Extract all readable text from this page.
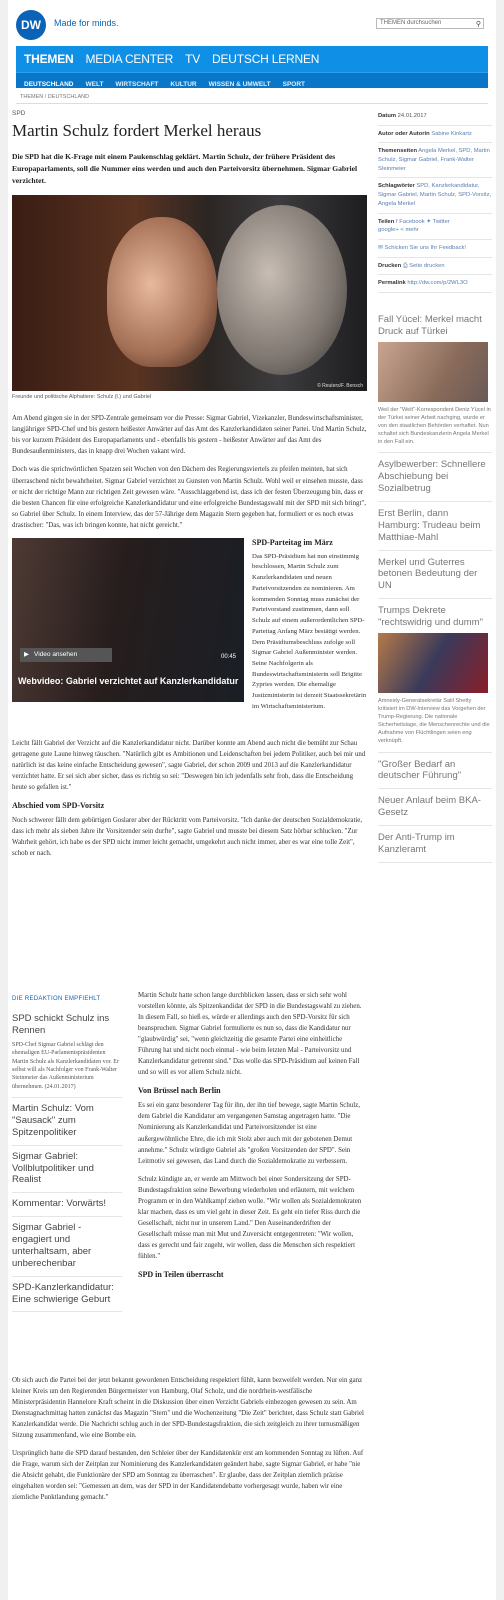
DW	Made for minds.	THEMEN durchsuchen	⚲
THEMEN MEDIA CENTER TV DEUTSCH LERNEN
DEUTSCHLAND WELT WIRTSCHAFT KULTUR WISSEN & UMWELT SPORT
THEMEN / DEUTSCHLAND
SPD
Martin Schulz fordert Merkel heraus
Die SPD hat die K-Frage mit einem Paukenschlag geklärt. Martin Schulz, der frühere Präsident des Europaparlaments, soll die Nummer eins werden und auch den Parteivorsitz übernehmen. Sigmar Gabriel verzichtet.
© Reuters/F. Bensch
Freunde und politische Alphatiere: Schulz (l.) und Gabriel

Am Abend gingen sie in der SPD-Zentrale gemeinsam vor die Presse: Sigmar Gabriel, Vizekanzler, Bundeswirtschaftsminister, langjähriger SPD-Chef und bis gestern heißester Anwärter auf das Amt des Kanzlerkandidaten seiner Partei. Und Martin Schulz, bis vor kurzem Präsident des Europaparlaments und - ebenfalls bis gestern - heißester Anwärter auf das Amt des Bundesaußenministers, das in knapp drei Wochen vakant wird.

Doch was die sprichwörtlichen Spatzen seit Wochen von den Dächern des Regierungsviertels zu pfeifen meinten, hat sich überraschend nicht bewahrheitet. Sigmar Gabriel verzichtet zu Gunsten von Martin Schulz. Wohl weil er einsehen musste, dass er nicht der richtige Mann zur richtigen Zeit gewesen wäre. "Ausschlaggebend ist, dass ich der festen Überzeugung bin, dass er die besten Chancen für eine erfolgreiche Kanzlerkandidatur und eine erfolgreiche Bundestagswahl mit der SPD mit sich bringt", so Gabriel über Schulz. In einem Interview, das der 57-Jährige dem Magazin Stern gegeben hat, formuliert er es noch etwas drastischer: "Das, was ich bringen konnte, hat nicht gereicht."

▶ Video ansehen	00:45
Webvideo: Gabriel verzichtet auf Kanzlerkandidatur
SPD-Parteitag im März

Das SPD-Präsidium hat nun einstimmig beschlossen, Martin Schulz zum Kanzlerkandidaten und neuen Parteivorsitzenden zu nominieren. Am kommenden Sonntag muss zunächst der Parteivorstand zustimmen, dann soll Schulz auf einem außerordentlichen SPD-Parteitag Anfang März bestätigt werden. Dem Präsidiumsbeschluss zufolge soll Sigmar Gabriel Außenminister werden. Seine Nachfolgerin als Bundeswirtschaftsministerin soll Brigitte Zypries werden. Die ehemalige Justizministerin ist derzeit Staatssekretärin im Wirtschaftsministerium.

Leicht fällt Gabriel der Verzicht auf die Kanzlerkandidatur nicht. Darüber konnte am Abend auch nicht die bemüht zur Schau getragene gute Laune hinweg täuschen. "Natürlich gibt es Ambitionen und Leidenschaften bei jedem Politiker, auch bei mir und natürlich ist das keine einfache Entscheidung gewesen", sagte Gabriel, der schon 2009 und 2013 auf die Kanzlerkandidatur verzichtet hatte. Er sei sich aber sicher, dass es richtig so sei: "Deswegen bin ich jedenfalls sehr froh, dass die Entscheidung heute so gefallen ist."

Abschied vom SPD-Vorsitz

Noch schwerer fällt dem gebürtigen Goslarer aber der Rücktritt vom Parteivorsitz. "Ich danke der deutschen Sozialdemokratie, dass ich mehr als sieben Jahre ihr Vorsitzender sein durfte", sagte Gabriel und musste bei diesem Satz hörbar schlucken. "Zur Wahrheit gehört, ich habe es der SPD nicht immer leicht gemacht, umgekehrt auch nicht immer, aber es war eine tolle Zeit", schob er nach.

DIE REDAKTION EMPFIEHLT
SPD schickt Schulz ins Rennen
SPD-Chef Sigmar Gabriel schlägt den ehemaligen EU-Parlamentspräsidenten Martin Schulz als Kanzlerkandidaten vor. Er selbst will als Nachfolger von Frank-Walter Steinmeier das Außenministerium übernehmen. (24.01.2017)
Martin Schulz: Vom "Sausack" zum Spitzenpolitiker
Sigmar Gabriel: Vollblutpolitiker und Realist
Kommentar: Vorwärts!
Sigmar Gabriel - engagiert und unterhaltsam, aber unberechenbar
SPD-Kanzlerkandidatur: Eine schwierige Geburt

Martin Schulz hatte schon lange durchblicken lassen, dass er sich sehr wohl vorstellen könnte, als Spitzenkandidat der SPD in die Bundestagswahl zu ziehen. In diesem Fall, so hieß es, würde er allerdings auch den SPD-Vorsitz für sich beanspruchen. Sigmar Gabriel formulierte es nun so, dass die Kandidatur nur "glaubwürdig" sei, "wenn gleichzeitig die gesamte Partei eine einheitliche Führung hat und nicht noch einmal - wie beim letzten Mal - Parteivorsitz und Kanzlerkandidatur getrennt sind." Das wolle das SPD-Präsidium auf keinen Fall und so will es vor allem Schulz nicht.

Von Brüssel nach Berlin

Es sei ein ganz besonderer Tag für ihn, der ihn tief bewege, sagte Martin Schulz, dem Gabriel die Kandidatur am vergangenen Samstag angetragen hatte. "Die Nominierung als Kanzlerkandidat und Parteivorsitzender ist eine außergewöhnliche Ehre, die ich mit Stolz aber auch mit der gebotenen Demut annehme." Schulz würdigte Gabriel als "großen Vorsitzenden der SPD". Sein Leitmotiv sei gewesen, das Land durch die Sozialdemokratie zu verbessern.

Schulz kündigte an, er werde am Mittwoch bei einer Sondersitzung der SPD-Bundestagsfraktion seine Bewerbung wiederholen und erläutern, mit welchem Programm er in den Wahlkampf ziehen wolle. "Wir wollen als Sozialdemokraten klar machen, dass es um viel geht in dieser Zeit. Es geht ein tiefer Riss durch die Gesellschaft, nicht nur in unserem Land." Den Auseinanderdriften der Gesellschaft müsse man mit Mut und Zuversicht entgegentreten: "Wir wollen, dass es gerecht und fair zugeht, wir wollen, dass die Menschen sich respektiert fühlen."

SPD in Teilen überrascht

Ob sich auch die Partei bei der jetzt bekannt gewordenen Entscheidung respektiert fühlt, kann bezweifelt werden. Nur ein ganz kleiner Kreis um den Regierenden Bürgermeister von Hamburg, Olaf Scholz, und die nordrhein-westfälische Ministerpräsidentin Hannelore Kraft scheint in die Diskussion über einen Verzicht Gabriels einbezogen gewesen zu sein. Am Dienstagnachmittag hatten zunächst das Magazin "Stern" und die Wochenzeitung "Die Zeit" berichtet, dass Schulz statt Gabriel Kanzlerkandidat werde. Die Nachricht schlug auch in der SPD-Bundestagsfraktion, die sich zeitgleich zu ihrer turnusmäßigen Sitzung zusammenfand, wie eine Bombe ein.

Ursprünglich hatte die SPD darauf bestanden, den Schleier über der Kandidatenkür erst am kommenden Sonntag zu lüften. Auf die Frage, warum sich der Zeitplan zur Nominierung des Kanzlerkandidaten geändert habe, sagte Sigmar Gabriel, er habe "nie die Absicht gehabt, die Funktionäre der SPD am Sonntag zu überraschen". Er glaube, dass der Zeitplan ziemlich präzise eingehalten worden sei: "Gemessen an dem, was der SPD in der Kandidatendebatte vorhergesagt wurde, haben wir eine ziemliche Punktlandung gemacht."

Datum 24.01.2017
Autor oder Autorin Sabine Kinkartz
Themenseiten Angela Merkel, SPD, Martin Schulz, Sigmar Gabriel, Frank-Walter Steinmeier
Schlagwörter SPD, Kanzlerkandidatur, Sigmar Gabriel, Martin Schulz, SPD-Vorsitz, Angela Merkel
Teilen f Facebook ✦ Twitter
google+ < mehr
✉ Schicken Sie uns Ihr Feedback!
Drucken ⎙ Seite drucken
Permalink http://dw.com/p/2WL3O
Fall Yücel: Merkel macht Druck auf Türkei
Weil der "Welt"-Korrespondent Deniz Yücel in der Türkei seiner Arbeit nachging, wurde er von den staatlichen Behörden verhaftet. Nun schaltet sich Bundeskanzlerin Angela Merkel in den Fall ein.
Asylbewerber: Schnellere Abschiebung bei Sozialbetrug
Erst Berlin, dann Hamburg: Trudeau beim Matthiae-Mahl
Merkel und Guterres betonen Bedeutung der UN
Trumps Dekrete "rechtswidrig und dumm"
Amnesty-Generalsekretär Salil Shetty kritisiert im DW-Interview das Vorgehen der Trump-Regierung. Die nationale Sicherheitslage, die Menschenrechte und die Aufnahme von Flüchtlingen seien eng verknüpft.
"Großer Bedarf an deutscher Führung"
Neuer Anlauf beim BKA-Gesetz
Der Anti-Trump im Kanzleramt
